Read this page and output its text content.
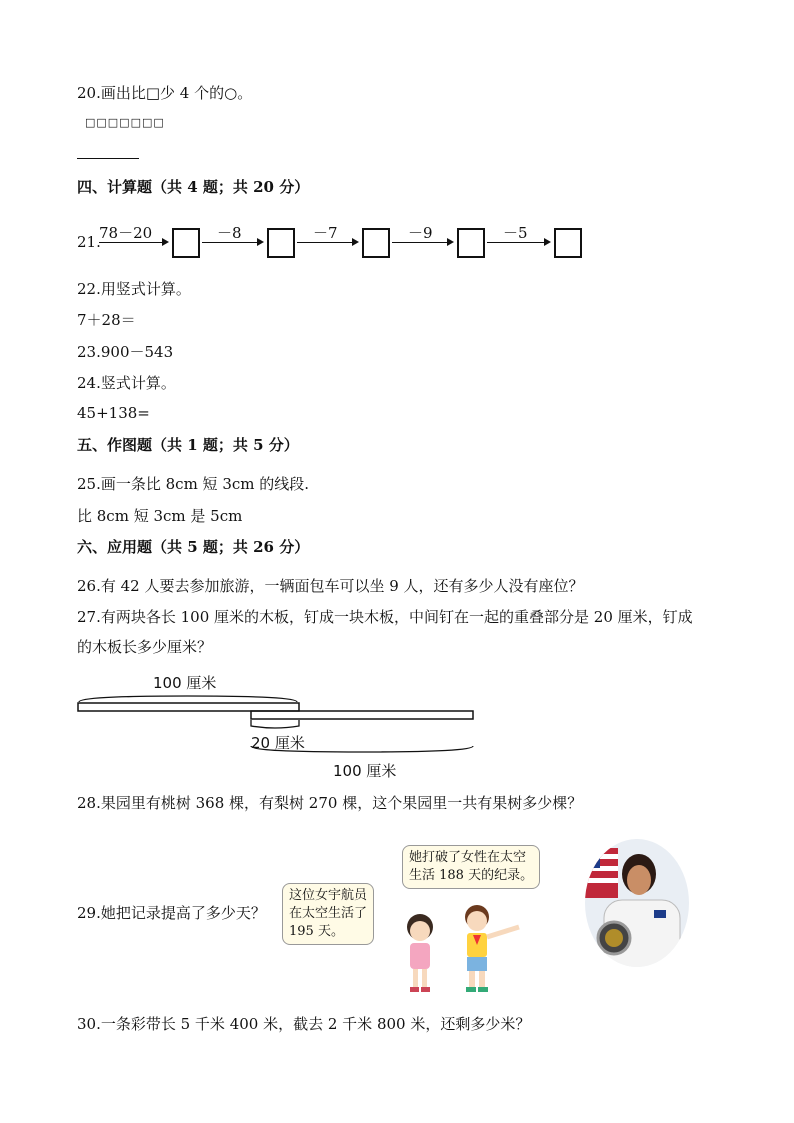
20.画出比□少 4 个的○。
□□□□□□□
四、计算题（共 4 题；共 20 分）
21.
78－20	－8	－7	－9	－5
22.用竖式计算。
7＋28＝
23.900－543
24.竖式计算。
45+138=
五、作图题（共 1 题；共 5 分）
25.画一条比 8cm 短 3cm 的线段.
比 8cm 短 3cm 是 5cm
六、应用题（共 5 题；共 26 分）
26.有 42 人要去参加旅游，一辆面包车可以坐 9 人，还有多少人没有座位？
27.有两块各长 100 厘米的木板，钉成一块木板，中间钉在一起的重叠部分是 20 厘米，钉成
的木板长多少厘米？
100 厘米
20 厘米
100 厘米
28.果园里有桃树 368 棵，有梨树 270 棵，这个果园里一共有果树多少棵？
29.她把记录提高了多少天？
她打破了女性在太空
生活 188 天的纪录。
这位女宇航员
在太空生活了
195 天。
30.一条彩带长 5 千米 400 米，截去 2 千米 800 米，还剩多少米？
